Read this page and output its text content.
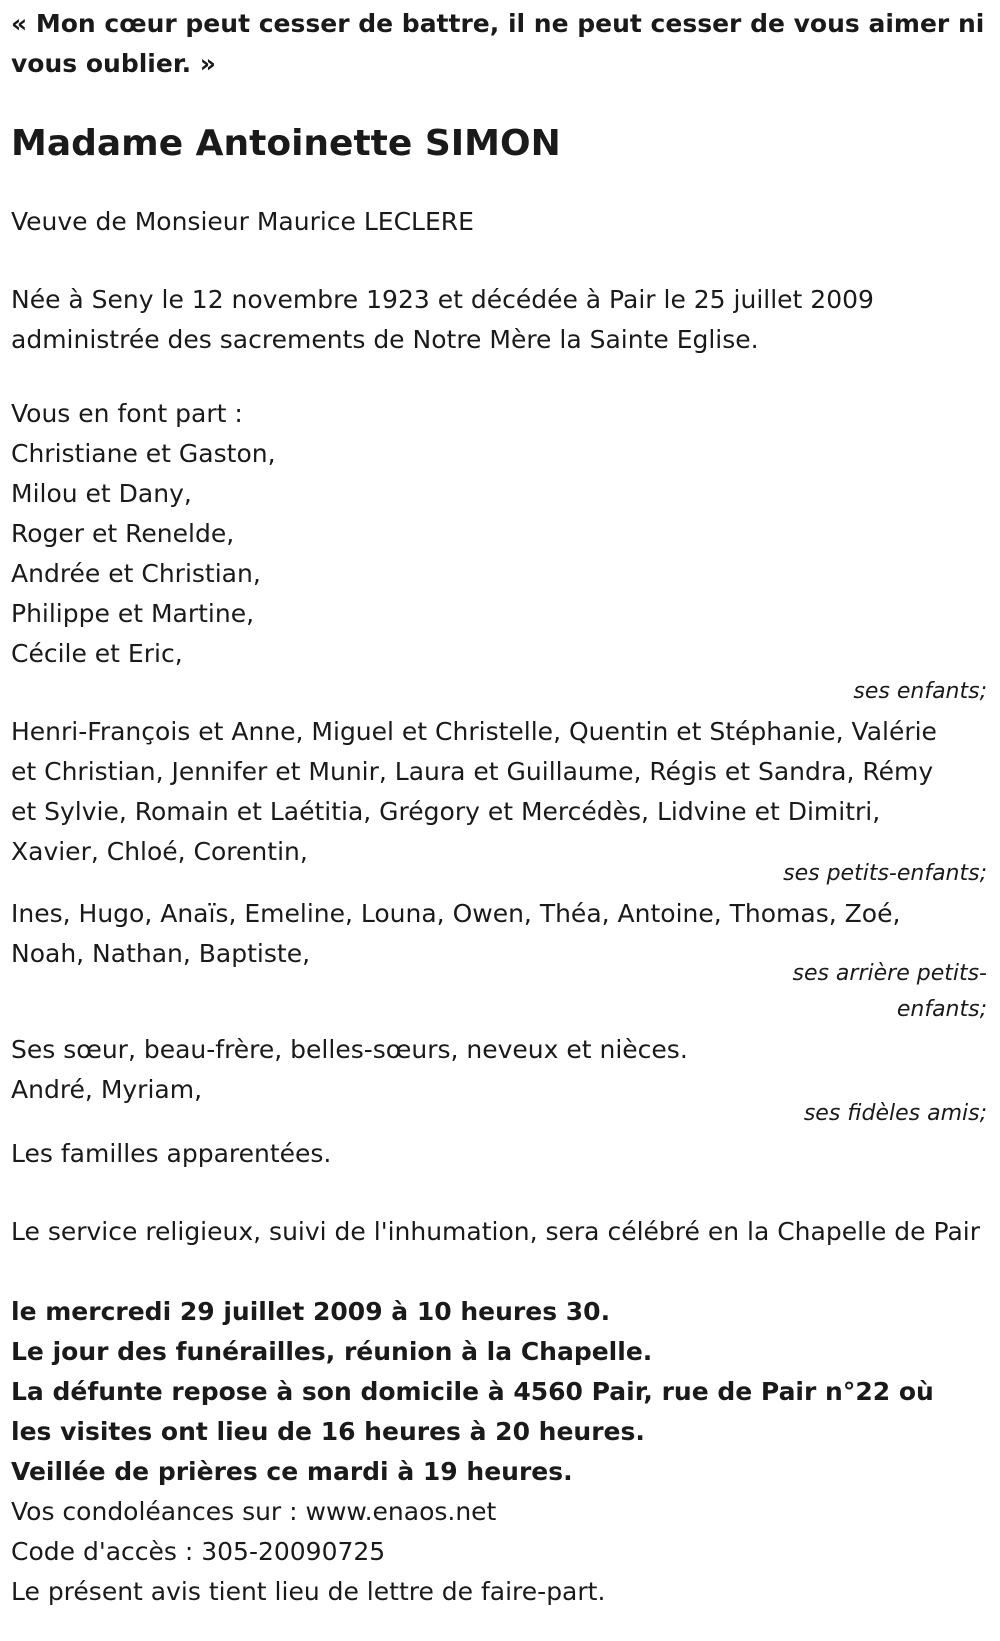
« Mon cœur peut cesser de battre, il ne peut cesser de vous aimer ni vous oublier. »

Madame Antoinette SIMON

Veuve de Monsieur Maurice LECLERE

Née à Seny le 12 novembre 1923 et décédée à Pair le 25 juillet 2009

administrée des sacrements de Notre Mère la Sainte Eglise.

Vous en font part :

Christiane et Gaston,
Milou et Dany,
Roger et Renelde,
Andrée et Christian,
Philippe et Martine,
Cécile et Eric,

ses enfants;

Henri-François et Anne, Miguel et Christelle, Quentin et Stéphanie, Valérie et Christian, Jennifer et Munir, Laura et Guillaume, Régis et Sandra, Rémy et Sylvie, Romain et Laétitia, Grégory et Mercédès, Lidvine et Dimitri, Xavier, Chloé, Corentin,

ses petits-enfants;

Ines, Hugo, Anaïs, Emeline, Louna, Owen, Théa, Antoine, Thomas, Zoé, Noah, Nathan, Baptiste,

ses arrière petits-enfants;

Ses sœur, beau-frère, belles-sœurs, neveux et nièces.

André, Myriam,

ses fidèles amis;

Les familles apparentées.

Le service religieux, suivi de l'inhumation, sera célébré en la Chapelle de Pair

le mercredi 29 juillet 2009 à 10 heures 30.

Le jour des funérailles, réunion à la Chapelle.

La défunte repose à son domicile à 4560 Pair, rue de Pair n°22 où

les visites ont lieu de 16 heures à 20 heures.

Veillée de prières ce mardi à 19 heures.

Vos condoléances sur : www.enaos.net

Code d'accès : 305-20090725

Le présent avis tient lieu de lettre de faire-part.
